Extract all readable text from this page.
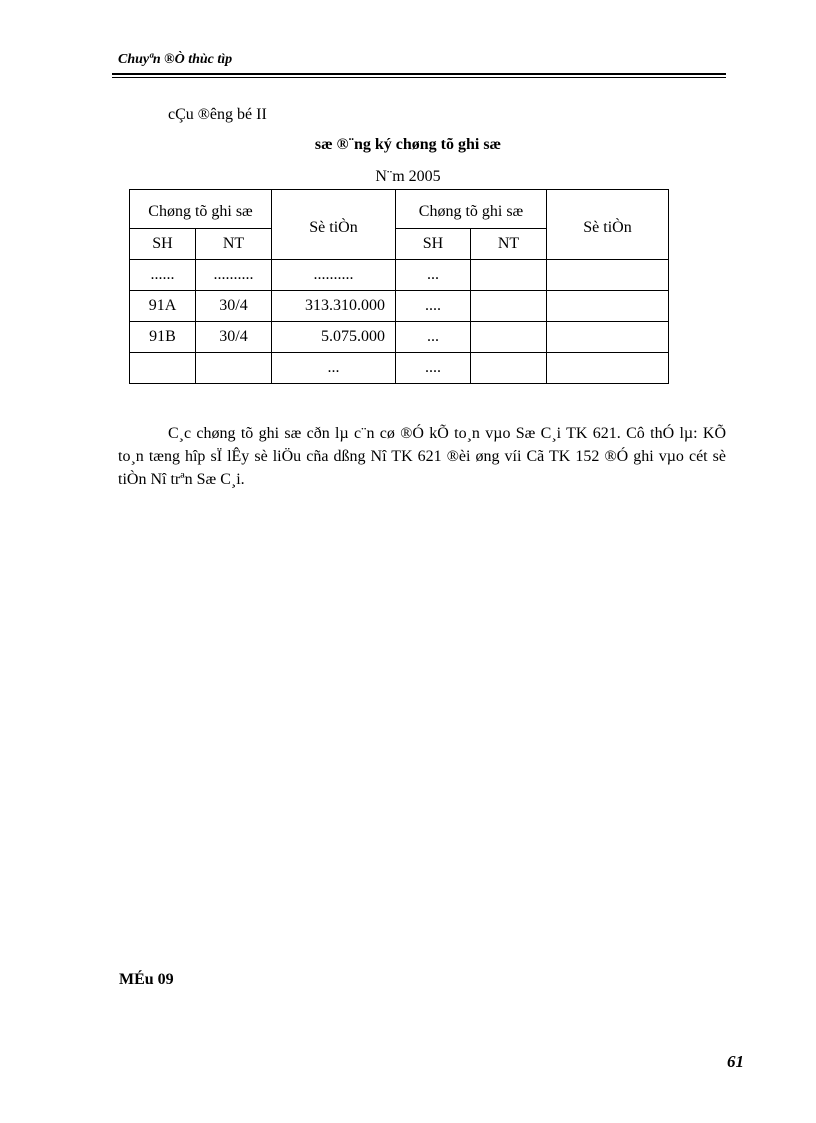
Chuyªn ®Ò thùc tìp
cÇu ®êng bé II
sæ ®¨ng ký chøng tõ ghi sæ
N¨m 2005
Chøng tõ ghi sæ		Sè tiÒn	Chøng tõ ghi sæ		Sè tiÒn
SH	NT		SH	NT	
......	..........	..........	...		
91A	30/4	313.310.000	....		
91B	30/4	5.075.000	...		
		...	....		

C¸c chøng tõ ghi sæ cðn lµ c¨n cø ®Ó kÕ to¸n vµo Sæ C¸i TK 621. Cô thÓ lµ: KÕ to¸n tæng hîp sÏ lÊy sè liÖu cña dßng Nî TK 621 ®èi øng víi Cã TK 152 ®Ó ghi vµo cét sè tiÒn Nî trªn Sæ C¸i.

MÉu 09
61
